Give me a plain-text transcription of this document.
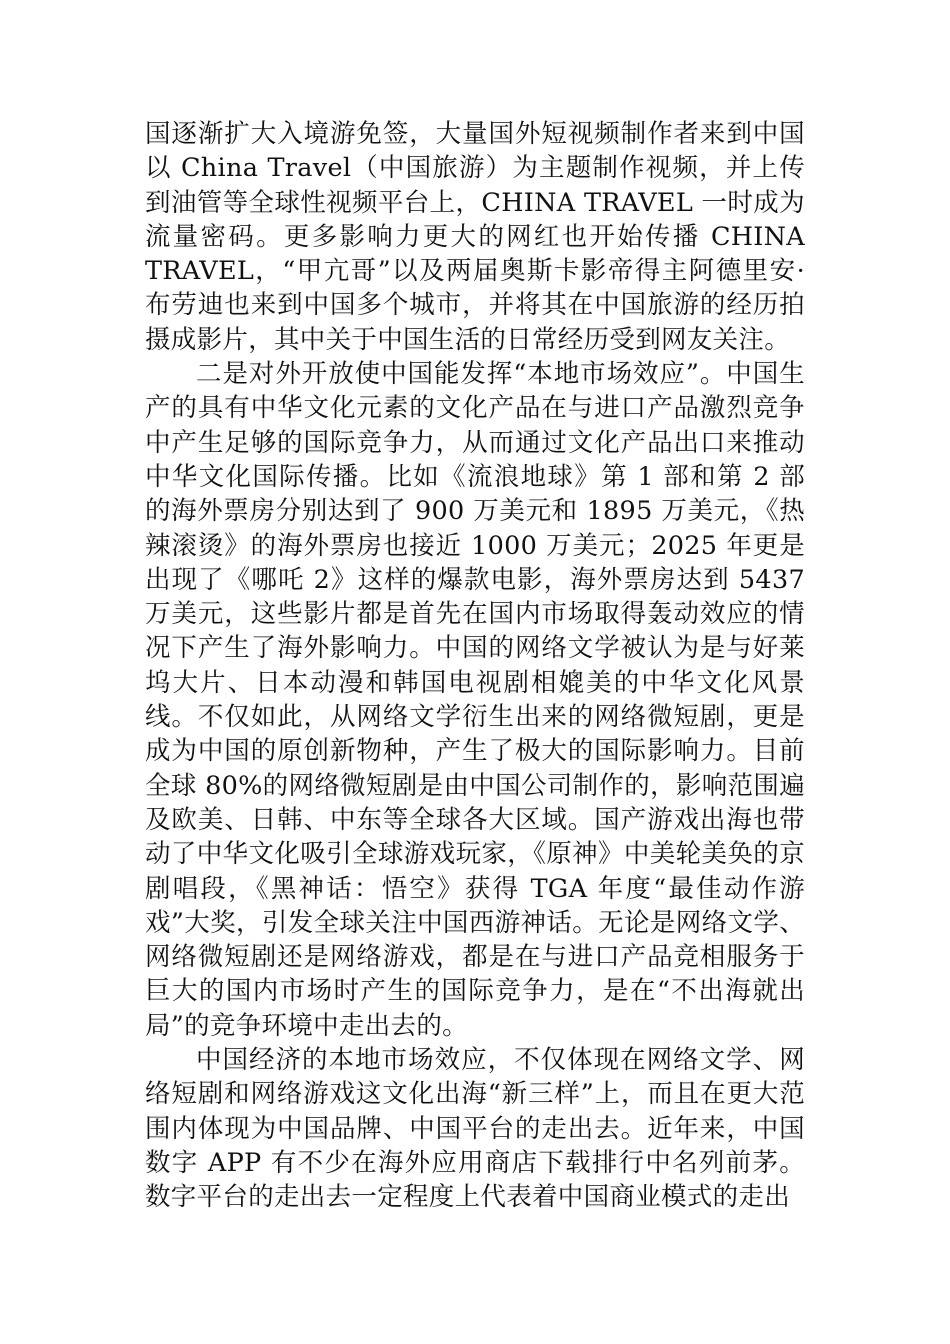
国逐渐扩大入境游免签，大量国外短视频制作者来到中国以 China Travel（中国旅游）为主题制作视频，并上传到油管等全球性视频平台上，CHINA TRAVEL 一时成为流量密码。更多影响力更大的网红也开始传播 CHINA TRAVEL，“甲亢哥”以及两届奥斯卡影帝得主阿德里安·布劳迪也来到中国多个城市，并将其在中国旅游的经历拍摄成影片，其中关于中国生活的日常经历受到网友关注。

二是对外开放使中国能发挥“本地市场效应”。中国生产的具有中华文化元素的文化产品在与进口产品激烈竞争中产生足够的国际竞争力，从而通过文化产品出口来推动中华文化国际传播。比如《流浪地球》第 1 部和第 2 部的海外票房分别达到了 900 万美元和 1895 万美元，《热辣滚烫》的海外票房也接近 1000 万美元；2025 年更是出现了《哪吒 2》这样的爆款电影，海外票房达到 5437 万美元，这些影片都是首先在国内市场取得轰动效应的情况下产生了海外影响力。中国的网络文学被认为是与好莱坞大片、日本动漫和韩国电视剧相媲美的中华文化风景线。不仅如此，从网络文学衍生出来的网络微短剧，更是成为中国的原创新物种，产生了极大的国际影响力。目前全球 80%的网络微短剧是由中国公司制作的，影响范围遍及欧美、日韩、中东等全球各大区域。国产游戏出海也带动了中华文化吸引全球游戏玩家，《原神》中美轮美奂的京剧唱段，《黑神话：悟空》获得 TGA 年度“最佳动作游戏”大奖，引发全球关注中国西游神话。无论是网络文学、网络微短剧还是网络游戏，都是在与进口产品竞相服务于巨大的国内市场时产生的国际竞争力，是在“不出海就出局”的竞争环境中走出去的。

中国经济的本地市场效应，不仅体现在网络文学、网络短剧和网络游戏这文化出海“新三样”上，而且在更大范围内体现为中国品牌、中国平台的走出去。近年来，中国数字 APP 有不少在海外应用商店下载排行中名列前茅。数字平台的走出去一定程度上代表着中国商业模式的走出
